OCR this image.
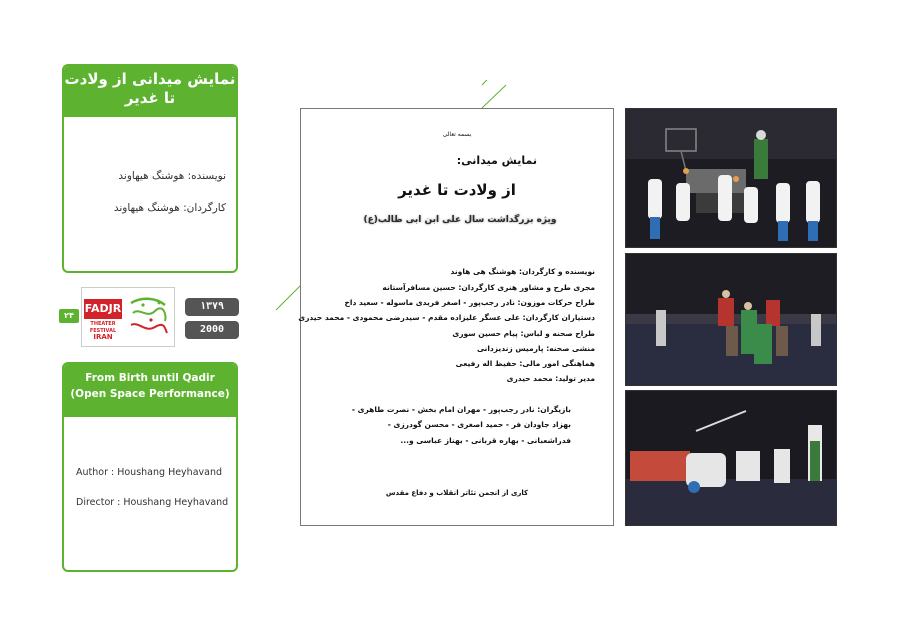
نمایش میدانی از ولادت
تا غدیر
نویسنده: هوشنگ هیهاوند
کارگردان: هوشنگ هیهاوند
۲۴
FADJR
THEATER FESTIVAL
IRAN
۱۳۷۹
2000
From Birth until Qadir
(Open Space Performance)
Author : Houshang Heyhavand
Director : Houshang Heyhavand
بسمه تعالی
نمایش میدانی:
از ولادت تا غدیر
ویژه بزرگداشت سال علی ابن ابی طالب(ع)
نویسنده و کارگردان: هوشنگ هی هاوند
مجری طرح و مشاور هنری کارگردان: حسین مسافرآستانه
طراح حرکات موزون: نادر رجب‌پور - اصغر فریدی ماسوله - سعید داخ
دستیاران کارگردان: علی عسگر علیزاده مقدم - سیدرضی محمودی - محمد حیدری
طراح صحنه و لباس: پیام حسین سوری
منشی صحنه: پارمیس زندیزدانی
هماهنگی امور مالی: حفیظ اله رفیعی
مدیر تولید: محمد حیدری
بازیگران: نادر رجب‌پور - مهران امام بخش - نصرت طاهری -
بهزاد جاودان فر - حمید اصغری - محسن گودرزی -
فدراشعبانی - بهاره قربانی - بهناز عباسی و...
کاری از انجمن تئاتر انقلاب و دفاع مقدس
